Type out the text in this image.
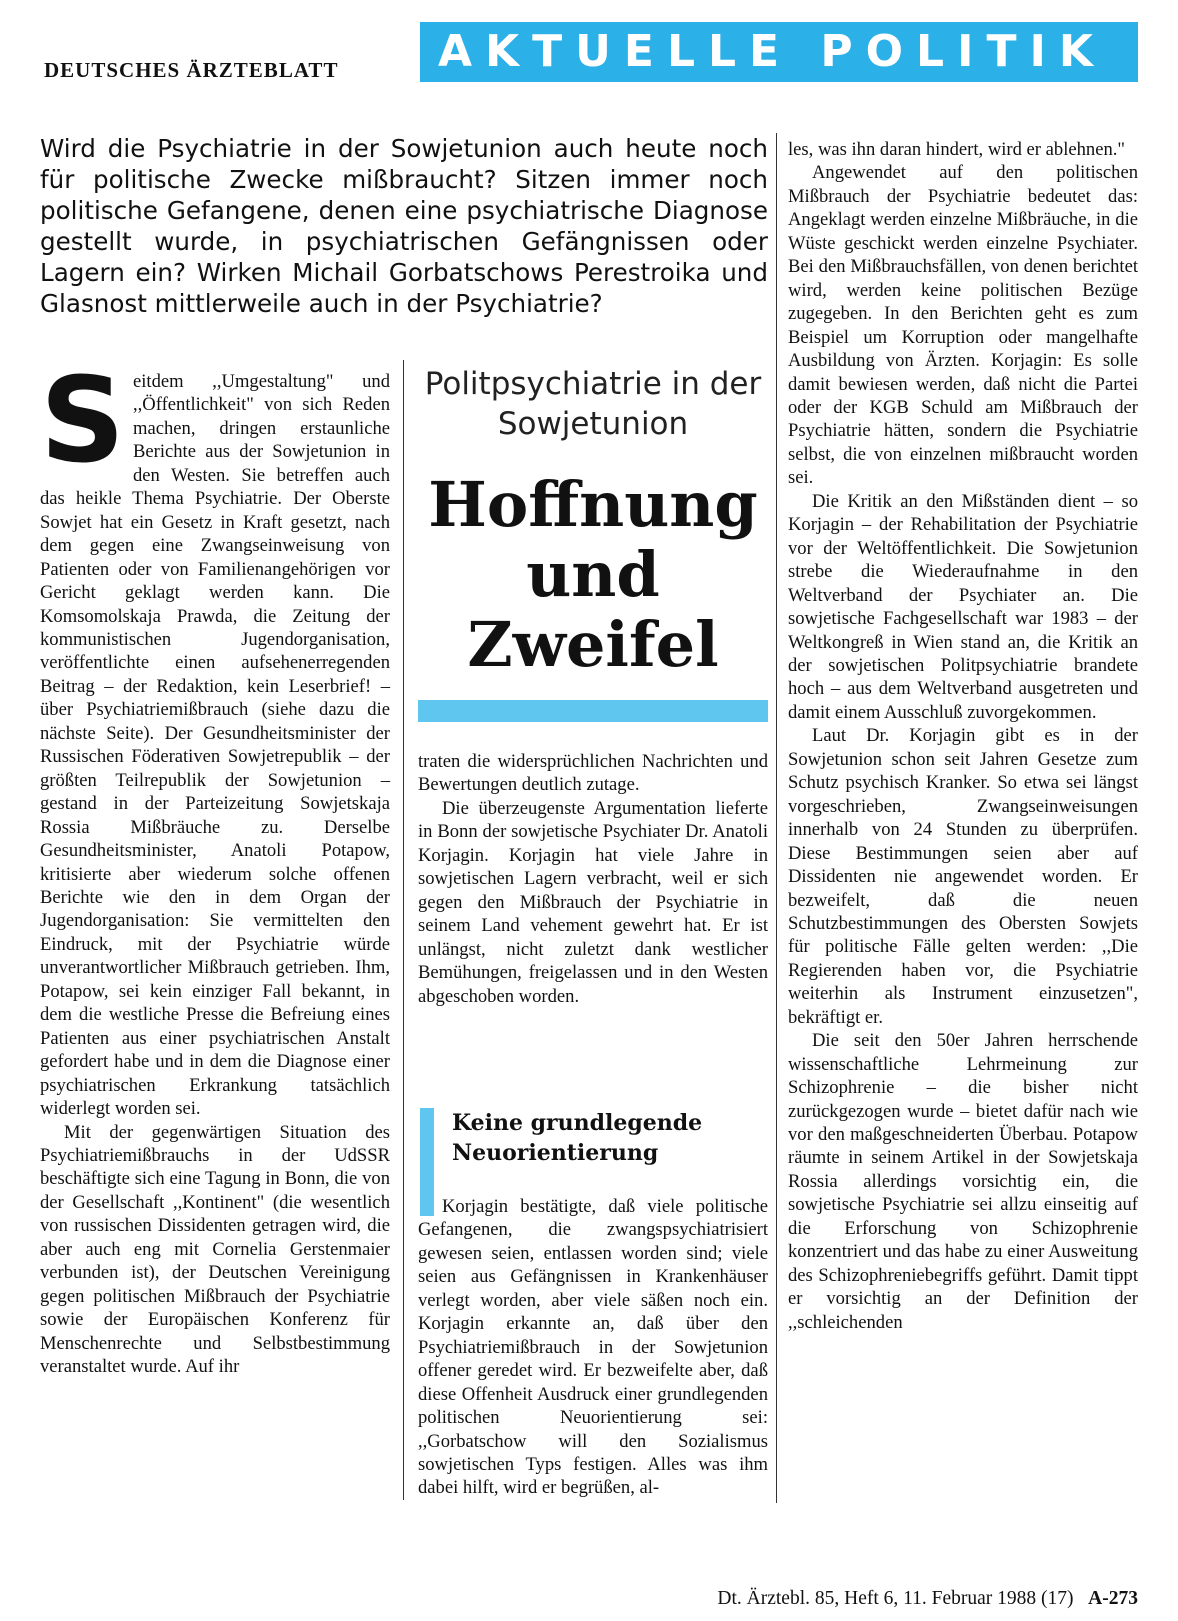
DEUTSCHES ÄRZTEBLATT	AKTUELLE POLITIK
Wird die Psychiatrie in der Sowjetunion auch heute noch für politische Zwecke mißbraucht? Sitzen immer noch politische Gefangene, denen eine psychiatrische Diagnose gestellt wurde, in psychiatrischen Gefängnissen oder Lagern ein? Wirken Michail Gorbatschows Perestroika und Glasnost mittlerweile auch in der Psychiatrie?

Seitdem ,,Umgestaltung" und ,,Öffentlichkeit" von sich Reden machen, dringen erstaunliche Berichte aus der Sowjetunion in den Westen. Sie betreffen auch das heikle Thema Psychiatrie. Der Oberste Sowjet hat ein Gesetz in Kraft gesetzt, nach dem gegen eine Zwangseinweisung von Patienten oder von Familienangehörigen vor Gericht geklagt werden kann. Die Komsomolskaja Prawda, die Zeitung der kommunistischen Jugendorganisation, veröffentlichte einen aufsehenerregenden Beitrag – der Redaktion, kein Leserbrief! – über Psychiatriemißbrauch (siehe dazu die nächste Seite). Der Gesundheitsminister der Russischen Föderativen Sowjetrepublik – der größten Teilrepublik der Sowjetunion – gestand in der Parteizeitung Sowjetskaja Rossia Mißbräuche zu. Derselbe Gesundheitsminister, Anatoli Potapow, kritisierte aber wiederum solche offenen Berichte wie den in dem Organ der Jugendorganisation: Sie vermittelten den Eindruck, mit der Psychiatrie würde unverantwortlicher Mißbrauch getrieben. Ihm, Potapow, sei kein einziger Fall bekannt, in dem die westliche Presse die Befreiung eines Patienten aus einer psychiatrischen Anstalt gefordert habe und in dem die Diagnose einer psychiatrischen Erkrankung tatsächlich widerlegt worden sei.

Mit der gegenwärtigen Situation des Psychiatriemißbrauchs in der UdSSR beschäftigte sich eine Tagung in Bonn, die von der Gesellschaft ,,Kontinent" (die wesentlich von russischen Dissidenten getragen wird, die aber auch eng mit Cornelia Gerstenmaier verbunden ist), der Deutschen Vereinigung gegen politischen Mißbrauch der Psychiatrie sowie der Europäischen Konferenz für Menschenrechte und Selbstbestimmung veranstaltet wurde. Auf ihr

Politpsychiatrie in der Sowjetunion
Hoffnung
und
Zweifel

traten die widersprüchlichen Nachrichten und Bewertungen deutlich zutage.

Die überzeugenste Argumentation lieferte in Bonn der sowjetische Psychiater Dr. Anatoli Korjagin. Korjagin hat viele Jahre in sowjetischen Lagern verbracht, weil er sich gegen den Mißbrauch der Psychiatrie in seinem Land vehement gewehrt hat. Er ist unlängst, nicht zuletzt dank westlicher Bemühungen, freigelassen und in den Westen abgeschoben worden.

Keine grundlegende Neuorientierung

Korjagin bestätigte, daß viele politische Gefangenen, die zwangspsychiatrisiert gewesen seien, entlassen worden sind; viele seien aus Gefängnissen in Krankenhäuser verlegt worden, aber viele säßen noch ein. Korjagin erkannte an, daß über den Psychiatriemißbrauch in der Sowjetunion offener geredet wird. Er bezweifelte aber, daß diese Offenheit Ausdruck einer grundlegenden politischen Neuorientierung sei: ,,Gorbatschow will den Sozialismus sowjetischen Typs festigen. Alles was ihm dabei hilft, wird er begrüßen, al-

les, was ihn daran hindert, wird er ablehnen."

Angewendet auf den politischen Mißbrauch der Psychiatrie bedeutet das: Angeklagt werden einzelne Mißbräuche, in die Wüste geschickt werden einzelne Psychiater. Bei den Mißbrauchsfällen, von denen berichtet wird, werden keine politischen Bezüge zugegeben. In den Berichten geht es zum Beispiel um Korruption oder mangelhafte Ausbildung von Ärzten. Korjagin: Es solle damit bewiesen werden, daß nicht die Partei oder der KGB Schuld am Mißbrauch der Psychiatrie hätten, sondern die Psychiatrie selbst, die von einzelnen mißbraucht worden sei.

Die Kritik an den Mißständen dient – so Korjagin – der Rehabilitation der Psychiatrie vor der Weltöffentlichkeit. Die Sowjetunion strebe die Wiederaufnahme in den Weltverband der Psychiater an. Die sowjetische Fachgesellschaft war 1983 – der Weltkongreß in Wien stand an, die Kritik an der sowjetischen Politpsychiatrie brandete hoch – aus dem Weltverband ausgetreten und damit einem Ausschluß zuvorgekommen.

Laut Dr. Korjagin gibt es in der Sowjetunion schon seit Jahren Gesetze zum Schutz psychisch Kranker. So etwa sei längst vorgeschrieben, Zwangseinweisungen innerhalb von 24 Stunden zu überprüfen. Diese Bestimmungen seien aber auf Dissidenten nie angewendet worden. Er bezweifelt, daß die neuen Schutzbestimmungen des Obersten Sowjets für politische Fälle gelten werden: ,,Die Regierenden haben vor, die Psychiatrie weiterhin als Instrument einzusetzen", bekräftigt er.

Die seit den 50er Jahren herrschende wissenschaftliche Lehrmeinung zur Schizophrenie – die bisher nicht zurückgezogen wurde – bietet dafür nach wie vor den maßgeschneiderten Überbau. Potapow räumte in seinem Artikel in der Sowjetskaja Rossia allerdings vorsichtig ein, die sowjetische Psychiatrie sei allzu einseitig auf die Erforschung von Schizophrenie konzentriert und das habe zu einer Ausweitung des Schizophreniebegriffs geführt. Damit tippt er vorsichtig an der Definition der ,,schleichenden

Dt. Ärztebl. 85, Heft 6, 11. Februar 1988 (17) A-273
